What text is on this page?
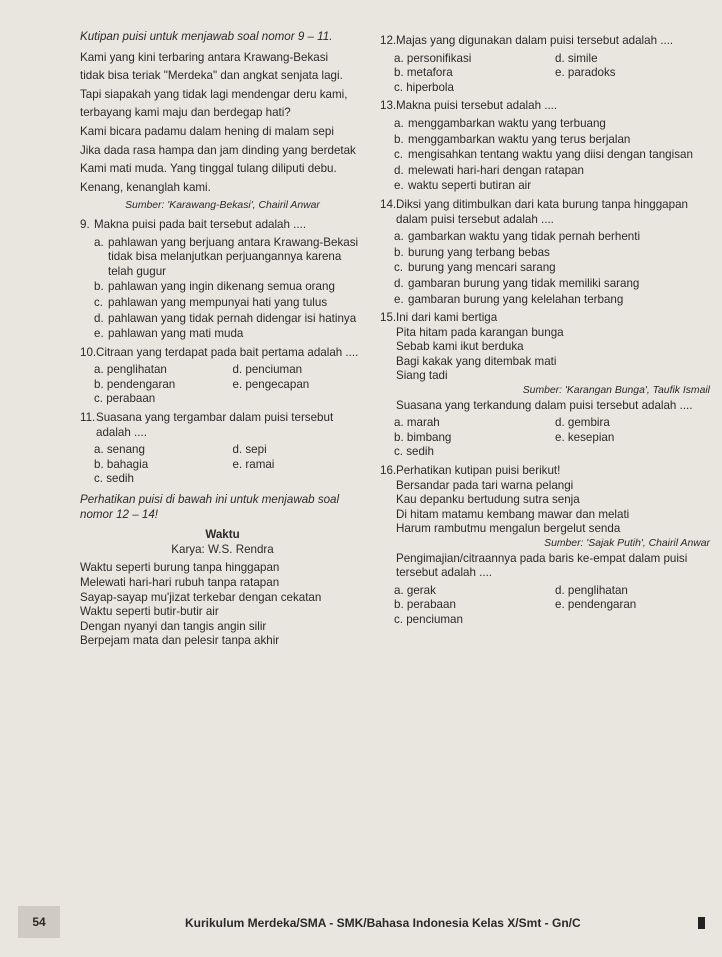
Kutipan puisi untuk menjawab soal nomor 9 – 11.

Kami yang kini terbaring antara Krawang-Bekasi
tidak bisa teriak "Merdeka" dan angkat senjata lagi.
Tapi siapakah yang tidak lagi mendengar deru kami,
terbayang kami maju dan berdegap hati?
Kami bicara padamu dalam hening di malam sepi
Jika dada rasa hampa dan jam dinding yang berdetak
Kami mati muda. Yang tinggal tulang diliputi debu.
Kenang, kenanglah kami.
Sumber: 'Karawang-Bekasi', Chairil Anwar
9. Makna puisi pada bait tersebut adalah ....
a. pahlawan yang berjuang antara Krawang-Bekasi tidak bisa melanjutkan perjuangannya karena telah gugur
b. pahlawan yang ingin dikenang semua orang
c. pahlawan yang mempunyai hati yang tulus
d. pahlawan yang tidak pernah didengar isi hatinya
e. pahlawan yang mati muda
10. Citraan yang terdapat pada bait pertama adalah ....
a. penglihatan	d. penciuman
b. pendengaran	e. pengecapan
c. perabaan
11. Suasana yang tergambar dalam puisi tersebut adalah ....
a. senang	d. sepi
b. bahagia	e. ramai
c. sedih

Perhatikan puisi di bawah ini untuk menjawab soal nomor 12 – 14!

Waktu
Karya: W.S. Rendra
Waktu seperti burung tanpa hinggapan
Melewati hari-hari rubuh tanpa ratapan
Sayap-sayap mu'jizat terkebar dengan cekatan
Waktu seperti butir-butir air
Dengan nyanyi dan tangis angin silir
Berpejam mata dan pelesir tanpa akhir
12. Majas yang digunakan dalam puisi tersebut adalah ....
a. personifikasi	d. simile
b. metafora	e. paradoks
c. hiperbola
13. Makna puisi tersebut adalah ....
a. menggambarkan waktu yang terbuang
b. menggambarkan waktu yang terus berjalan
c. mengisahkan tentang waktu yang diisi dengan tangisan
d. melewati hari-hari dengan ratapan
e. waktu seperti butiran air
14. Diksi yang ditimbulkan dari kata burung tanpa hinggapan dalam puisi tersebut adalah ....
a. gambarkan waktu yang tidak pernah berhenti
b. burung yang terbang bebas
c. burung yang mencari sarang
d. gambaran burung yang tidak memiliki sarang
e. gambaran burung yang kelelahan terbang
15. Ini dari kami bertiga
Pita hitam pada karangan bunga
Sebab kami ikut berduka
Bagi kakak yang ditembak mati
Siang tadi
Sumber: 'Karangan Bunga', Taufik Ismail
Suasana yang terkandung dalam puisi tersebut adalah ....
a. marah	d. gembira
b. bimbang	e. kesepian
c. sedih
16. Perhatikan kutipan puisi berikut!
Bersandar pada tari warna pelangi
Kau depanku bertudung sutra senja
Di hitam matamu kembang mawar dan melati
Harum rambutmu mengalun bergelut senda
Sumber: 'Sajak Putih', Chairil Anwar
Pengimajian/citraannya pada baris ke-empat dalam puisi tersebut adalah ....
a. gerak	d. penglihatan
b. perabaan	e. pendengaran
c. penciuman
54	Kurikulum Merdeka/SMA - SMK/Bahasa Indonesia Kelas X/Smt - Gn/C
